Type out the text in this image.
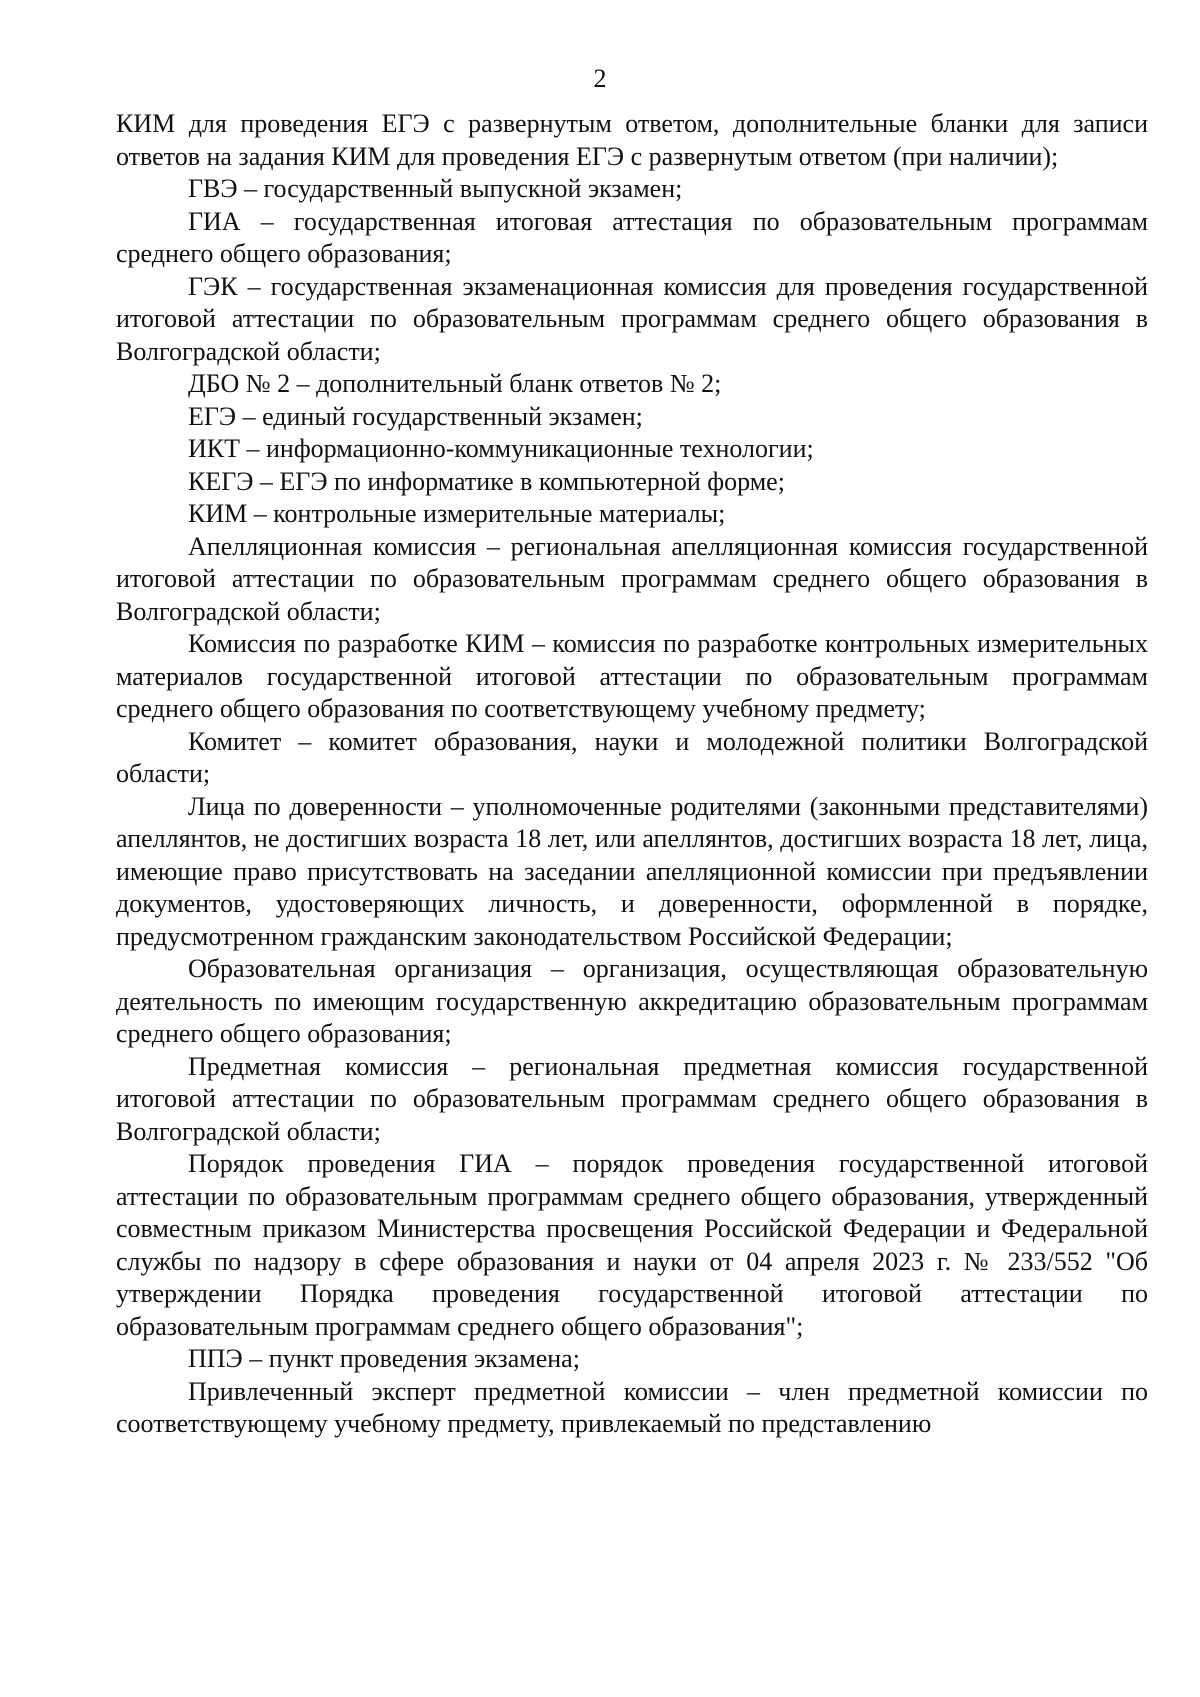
2

КИМ для проведения ЕГЭ с развернутым ответом, дополнительные бланки для записи ответов на задания КИМ для проведения ЕГЭ с развернутым ответом (при наличии);

ГВЭ – государственный выпускной экзамен;

ГИА – государственная итоговая аттестация по образовательным программам среднего общего образования;

ГЭК – государственная экзаменационная комиссия для проведения государственной итоговой аттестации по образовательным программам среднего общего образования в Волгоградской области;

ДБО № 2 – дополнительный бланк ответов № 2;

ЕГЭ – единый государственный экзамен;

ИКТ – информационно-коммуникационные технологии;

КЕГЭ – ЕГЭ по информатике в компьютерной форме;

КИМ – контрольные измерительные материалы;

Апелляционная комиссия – региональная апелляционная комиссия государственной итоговой аттестации по образовательным программам среднего общего образования в Волгоградской области;

Комиссия по разработке КИМ – комиссия по разработке контрольных измерительных материалов государственной итоговой аттестации по образовательным программам среднего общего образования по соответствующему учебному предмету;

Комитет – комитет образования, науки и молодежной политики Волгоградской области;

Лица по доверенности – уполномоченные родителями (законными представителями) апеллянтов, не достигших возраста 18 лет, или апеллянтов, достигших возраста 18 лет, лица, имеющие право присутствовать на заседании апелляционной комиссии при предъявлении документов, удостоверяющих личность, и доверенности, оформленной в порядке, предусмотренном гражданским законодательством Российской Федерации;

Образовательная организация – организация, осуществляющая образовательную деятельность по имеющим государственную аккредитацию образовательным программам среднего общего образования;

Предметная комиссия – региональная предметная комиссия государственной итоговой аттестации по образовательным программам среднего общего образования в Волгоградской области;

Порядок проведения ГИА – порядок проведения государственной итоговой аттестации по образовательным программам среднего общего образования, утвержденный совместным приказом Министерства просвещения Российской Федерации и Федеральной службы по надзору в сфере образования и науки от 04 апреля 2023 г. № 233/552 "Об утверждении Порядка проведения государственной итоговой аттестации по образовательным программам среднего общего образования";

ППЭ – пункт проведения экзамена;

Привлеченный эксперт предметной комиссии – член предметной комиссии по соответствующему учебному предмету, привлекаемый по представлению
